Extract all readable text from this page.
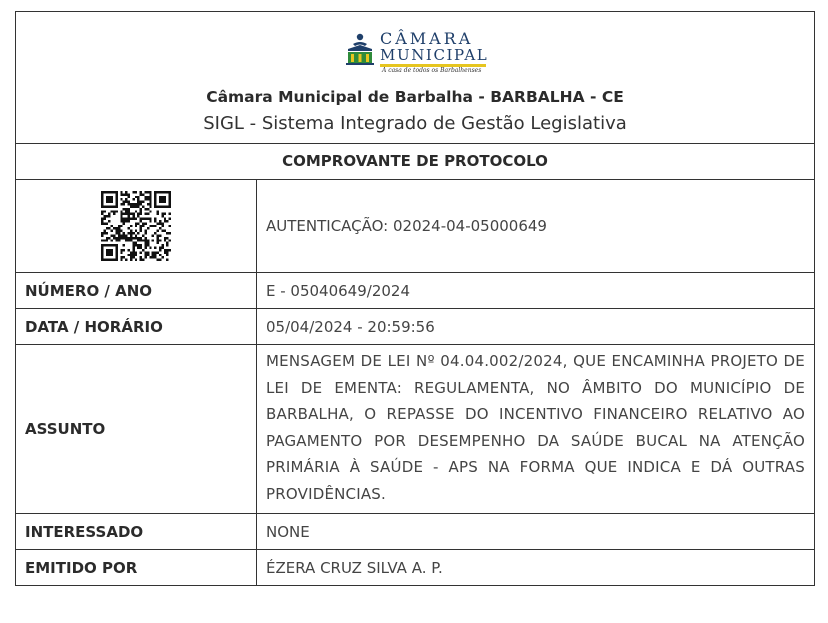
CÂMARA
MUNICIPAL
A casa de todos os Barbalhenses
Câmara Municipal de Barbalha - BARBALHA - CE
SIGL - Sistema Integrado de Gestão Legislativa
COMPROVANTE DE PROTOCOLO
	AUTENTICAÇÃO: 02024-04-05000649
NÚMERO / ANO	E - 05040649/2024
DATA / HORÁRIO	05/04/2024 - 20:59:56
ASSUNTO	MENSAGEM DE LEI Nº 04.04.002/2024, QUE ENCAMINHA PROJETO DE LEI DE EMENTA: REGULAMENTA, NO ÂMBITO DO MUNICÍPIO DE BARBALHA, O REPASSE DO INCENTIVO FINANCEIRO RELATIVO AO PAGAMENTO POR DESEMPENHO DA SAÚDE BUCAL NA ATENÇÃO PRIMÁRIA À SAÚDE - APS NA FORMA QUE INDICA E DÁ OUTRAS PROVIDÊNCIAS.
INTERESSADO	NONE
EMITIDO POR	ÉZERA CRUZ SILVA A. P.
